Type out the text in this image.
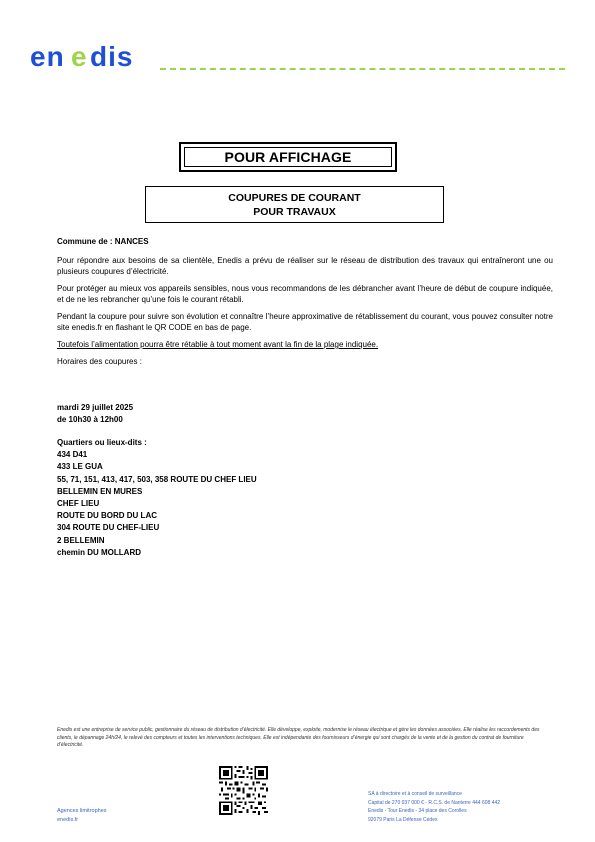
en e dis
POUR AFFICHAGE
COUPURES DE COURANT
POUR TRAVAUX

Commune de : NANCES

Pour répondre aux besoins de sa clientèle, Enedis a prévu de réaliser sur le réseau de distribution des travaux qui entraîneront une ou plusieurs coupures d’électricité.

Pour protéger au mieux vos appareils sensibles, nous vous recommandons de les débrancher avant l’heure de début de coupure indiquée, et de ne les rebrancher qu’une fois le courant rétabli.

Pendant la coupure pour suivre son évolution et connaître l’heure approximative de rétablissement du courant, vous pouvez consulter notre site enedis.fr en flashant le QR CODE en bas de page.

Toutefois l’alimentation pourra être rétablie à tout moment avant la fin de la plage indiquée.

Horaires des coupures :

mardi 29 juillet 2025
de 10h30 à 12h00
Quartiers ou lieux-dits :
434 D41
433 LE GUA
55, 71, 151, 413, 417, 503, 358 ROUTE DU CHEF LIEU
BELLEMIN EN MURES
CHEF LIEU
ROUTE DU BORD DU LAC
304 ROUTE DU CHEF-LIEU
2 BELLEMIN
chemin DU MOLLARD
Enedis est une entreprise de service public, gestionnaire du réseau de distribution d’électricité. Elle développe, exploite, modernise le réseau électrique et gère les données associées. Elle réalise les raccordements des clients, le dépannage 24h/24, le relevé des compteurs et toutes les interventions techniques. Elle est indépendante des fournisseurs d’énergie qui sont chargés de la vente et de la gestion du contrat de fourniture d’électricité.
SA à directoire et à conseil de surveillance
Capital de 270 037 000 € - R.C.S. de Nanterre 444 608 442
Enedis - Tour Enedis - 34 place des Corolles
92079 Paris La Défense Cedex
Agences limitrophes
enedis.fr
